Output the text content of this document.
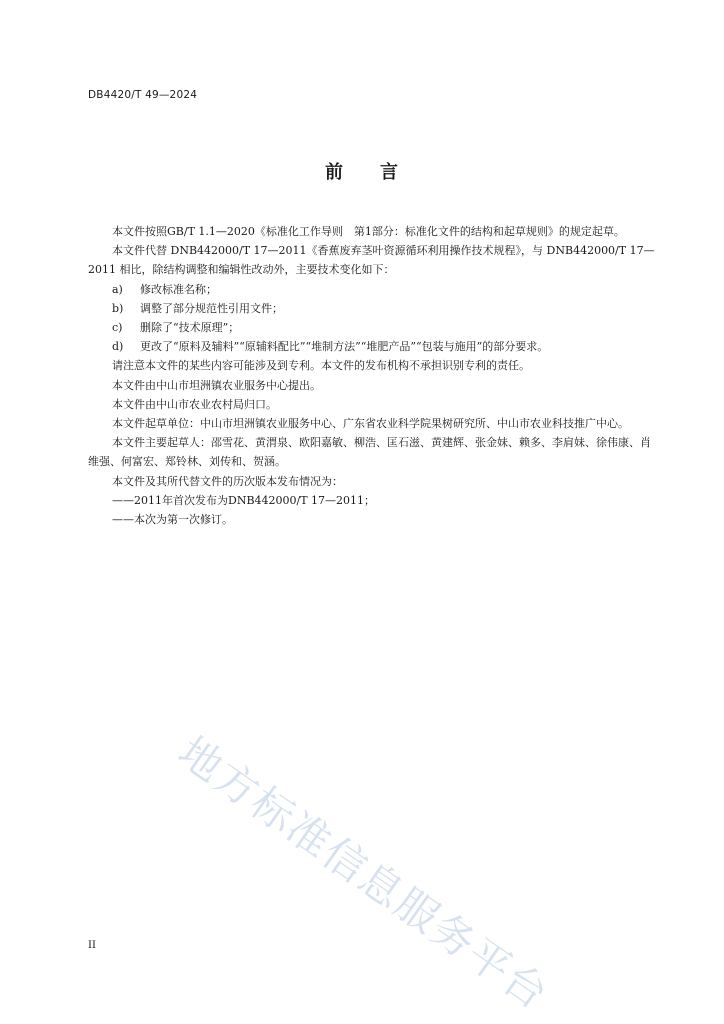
DB4420/T 49—2024
前 言

本文件按照GB/T 1.1—2020《标准化工作导则　第1部分：标准化文件的结构和起草规则》的规定起草。

本文件代替 DNB442000/T 17—2011《香蕉废弃茎叶资源循环利用操作技术规程》，与 DNB442000/T 17—2011 相比，除结构调整和编辑性改动外，主要技术变化如下：

a) 修改标准名称；

b) 调整了部分规范性引用文件；

c) 删除了“技术原理”；

d) 更改了“原料及辅料”“原辅料配比”“堆制方法”“堆肥产品”“包装与施用”的部分要求。

请注意本文件的某些内容可能涉及到专利。本文件的发布机构不承担识别专利的责任。

本文件由中山市坦洲镇农业服务中心提出。

本文件由中山市农业农村局归口。

本文件起草单位：中山市坦洲镇农业服务中心、广东省农业科学院果树研究所、中山市农业科技推广中心。

本文件主要起草人：邵雪花、黄渭泉、欧阳嘉敏、柳浩、匡石滋、黄建辉、张金妹、赖多、李肩妹、徐伟康、肖维强、何富宏、郑铃林、刘传和、贺涵。

本文件及其所代替文件的历次版本发布情况为：

——2011年首次发布为DNB442000/T 17—2011；

——本次为第一次修订。

地方标准信息服务平台
II
